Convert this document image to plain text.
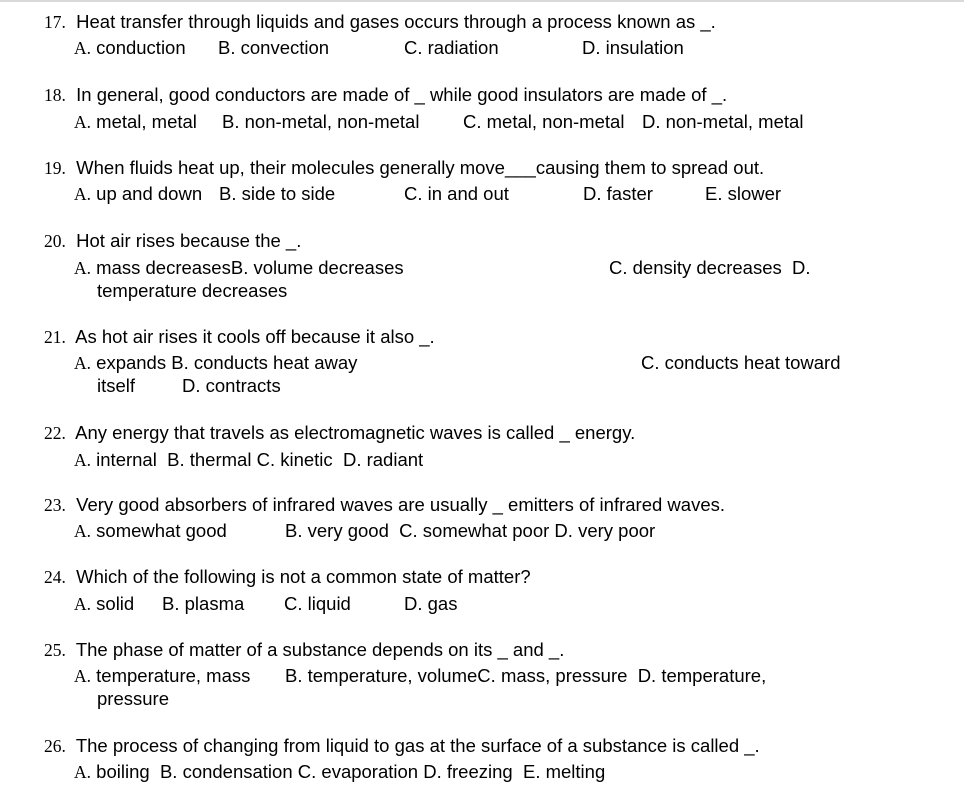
17. Heat transfer through liquids and gases occurs through a process known as _.
A. conduction B. convection	C. radiation	D. insulation
18. In general, good conductors are made of _ while good insulators are made of _.
A. metal, metal B. non-metal, non-metal C. metal, non-metal D. non-metal, metal
19. When fluids heat up, their molecules generally move___causing them to spread out.
A. up and down B. side to side	C. in and out	D. faster	E. slower
20. Hot air rises because the _.
A. mass decreasesB. volume decreases	C. density decreases D.
temperature decreases
21. As hot air rises it cools off because it also _.
A. expands B. conducts heat away	C. conducts heat toward
itself	D. contracts
22. Any energy that travels as electromagnetic waves is called _ energy.
A. internal B. thermal C. kinetic D. radiant
23. Very good absorbers of infrared waves are usually _ emitters of infrared waves.
A. somewhat good	B. very good C. somewhat poor D. very poor
24. Which of the following is not a common state of matter?
A. solid B. plasma C. liquid	D. gas
25. The phase of matter of a substance depends on its _ and _.
A. temperature, mass B. temperature, volumeC. mass, pressure D. temperature,
pressure
26. The process of changing from liquid to gas at the surface of a substance is called _.
A. boiling B. condensation C. evaporation D. freezing E. melting
